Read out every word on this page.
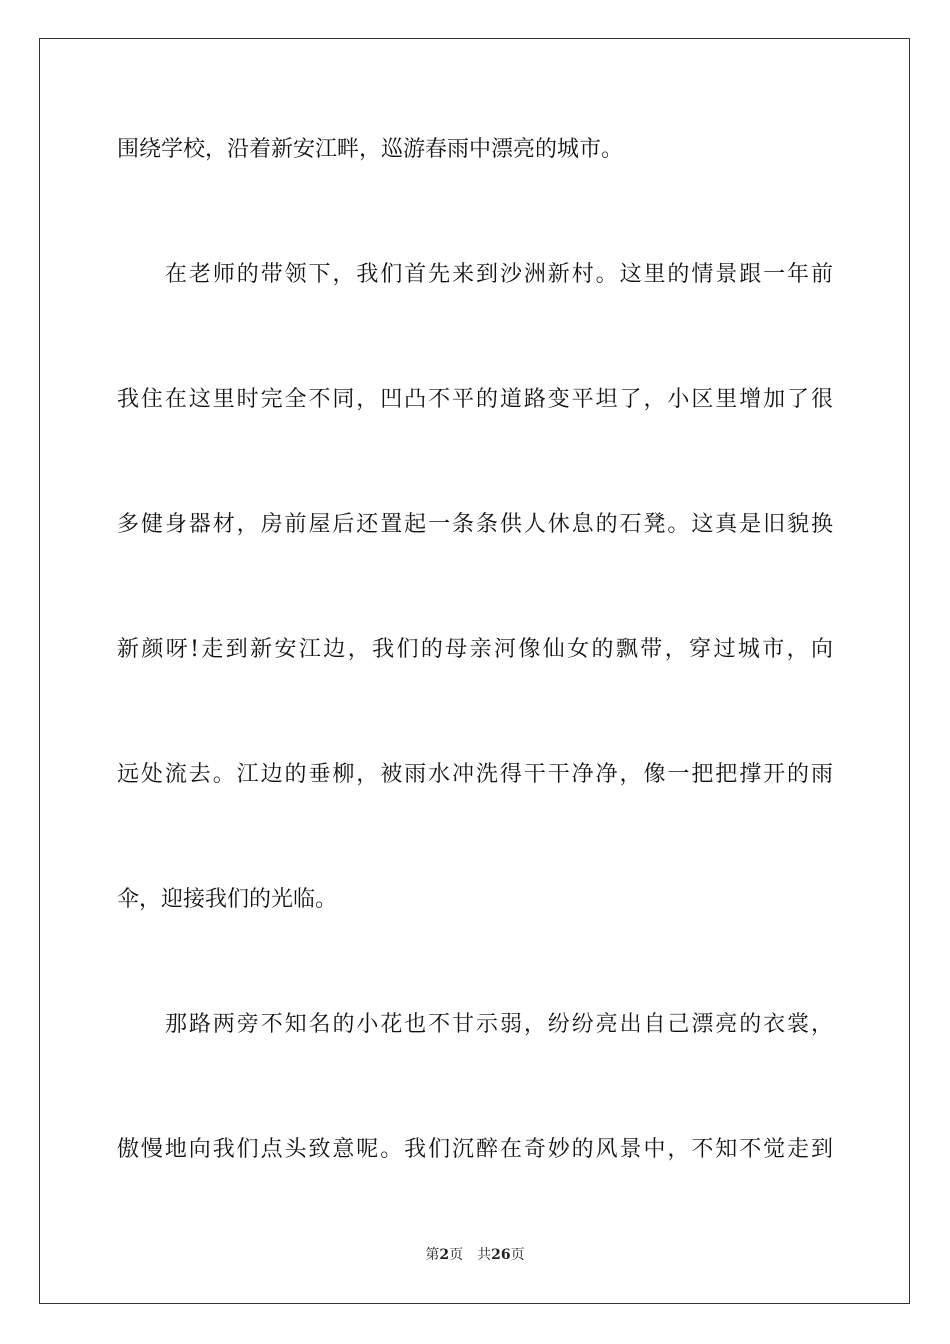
围绕学校，沿着新安江畔，巡游春雨中漂亮的城市。
在老师的带领下，我们首先来到沙洲新村。这里的情景跟一年前
我住在这里时完全不同，凹凸不平的道路变平坦了，小区里增加了很
多健身器材，房前屋后还置起一条条供人休息的石凳。这真是旧貌换
新颜呀!走到新安江边，我们的母亲河像仙女的飘带，穿过城市，向
远处流去。江边的垂柳，被雨水冲洗得干干净净，像一把把撑开的雨
伞，迎接我们的光临。
那路两旁不知名的小花也不甘示弱，纷纷亮出自己漂亮的衣裳，
傲慢地向我们点头致意呢。我们沉醉在奇妙的风景中，不知不觉走到
第2页 共26页
